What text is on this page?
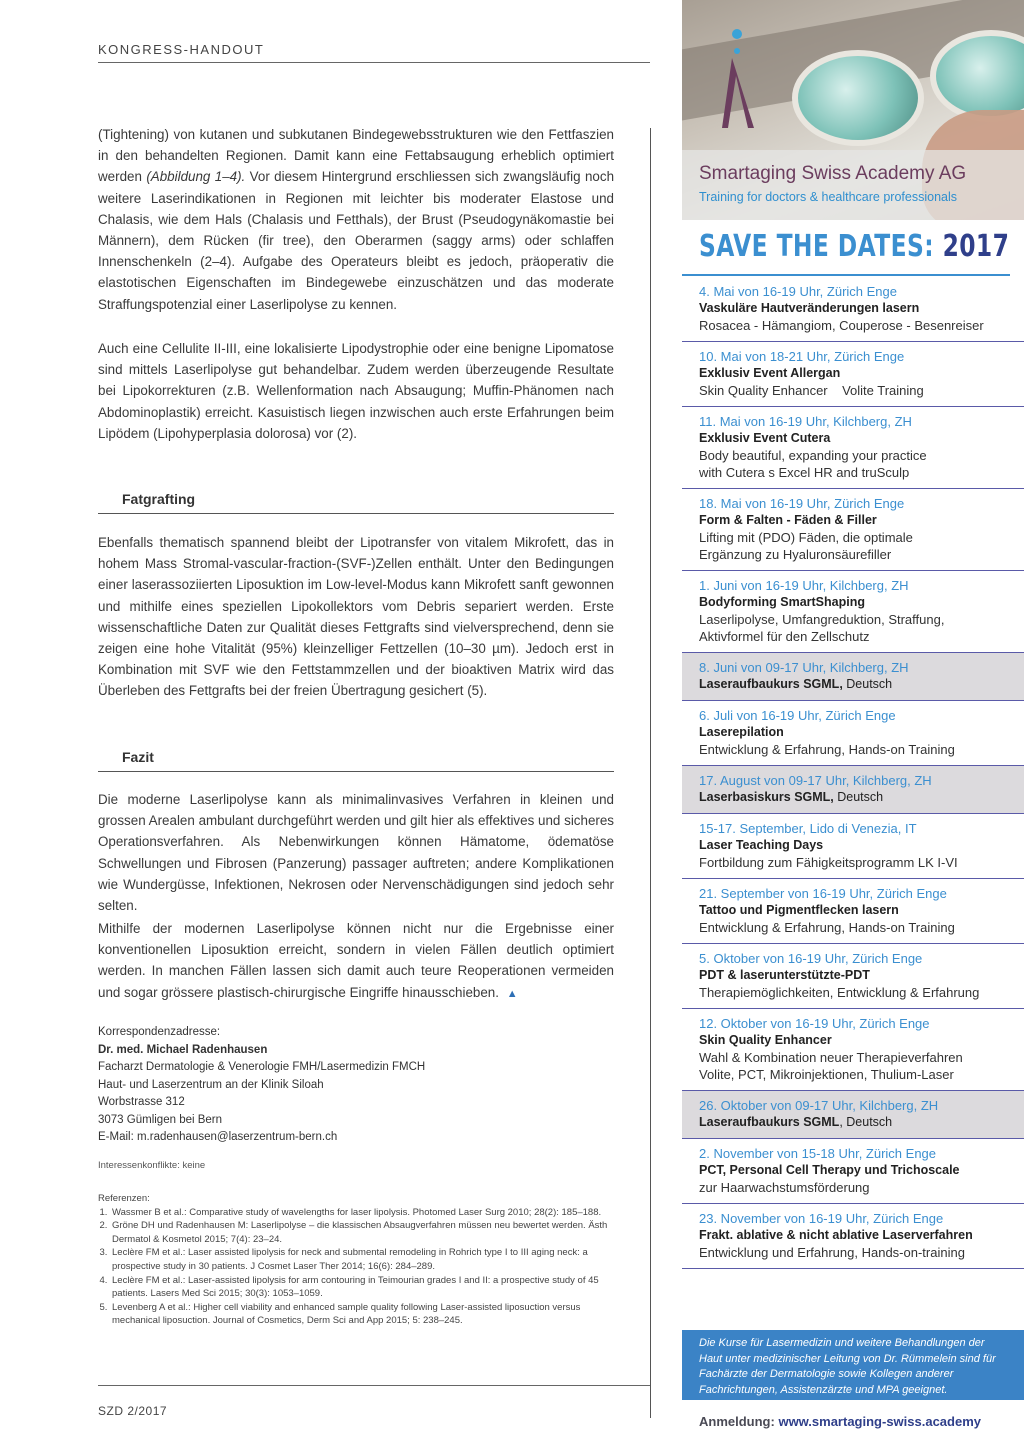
KONGRESS-HANDOUT

(Tightening) von kutanen und subkutanen Bindegewebsstrukturen wie den Fettfaszien in den behandelten Regionen. Damit kann eine Fettabsaugung erheblich optimiert werden (Abbildung 1–4). Vor diesem Hintergrund erschliessen sich zwangsläufig noch weitere Laserindikationen in Regionen mit leichter bis moderater Elastose und Chalasis, wie dem Hals (Chalasis und Fetthals), der Brust (Pseudogynäkomastie bei Männern), dem Rücken (fir tree), den Oberarmen (saggy arms) oder schlaffen Innenschenkeln (2–4). Aufgabe des Operateurs bleibt es jedoch, präoperativ die elastotischen Eigenschaften im Bindegewebe einzuschätzen und das moderate Straffungspotenzial einer Laserlipolyse zu kennen.

Auch eine Cellulite II-III, eine lokalisierte Lipodystrophie oder eine benigne Lipomatose sind mittels Laserlipolyse gut behandelbar. Zudem werden überzeugende Resultate bei Lipokorrekturen (z.B. Wellenformation nach Absaugung; Muffin-Phänomen nach Abdominoplastik) erreicht. Kasuistisch liegen inzwischen auch erste Erfahrungen beim Lipödem (Lipohyperplasia dolorosa) vor (2).

Fatgrafting

Ebenfalls thematisch spannend bleibt der Lipotransfer von vitalem Mikrofett, das in hohem Mass Stromal-vascular-fraction-(SVF-)Zellen enthält. Unter den Bedingungen einer laserassoziierten Liposuktion im Low-level-Modus kann Mikrofett sanft gewonnen und mithilfe eines speziellen Lipokollektors vom Debris separiert werden. Erste wissenschaftliche Daten zur Qualität dieses Fettgrafts sind vielversprechend, denn sie zeigen eine hohe Vitalität (95%) kleinzelliger Fettzellen (10–30 µm). Jedoch erst in Kombination mit SVF wie den Fettstammzellen und der bioaktiven Matrix wird das Überleben des Fettgrafts bei der freien Übertragung gesichert (5).

Fazit

Die moderne Laserlipolyse kann als minimalinvasives Verfahren in kleinen und grossen Arealen ambulant durchgeführt werden und gilt hier als effektives und sicheres Operationsverfahren. Als Nebenwirkungen können Hämatome, ödematöse Schwellungen und Fibrosen (Panzerung) passager auftreten; andere Komplikationen wie Wundergüsse, Infektionen, Nekrosen oder Nervenschädigungen sind jedoch sehr selten.

Mithilfe der modernen Laserlipolyse können nicht nur die Ergebnisse einer konventionellen Liposuktion erreicht, sondern in vielen Fällen deutlich optimiert werden. In manchen Fällen lassen sich damit auch teure Reoperationen vermeiden und sogar grössere plastisch-chirurgische Eingriffe hinausschieben. ▲

Korrespondenzadresse:
Dr. med. Michael Radenhausen
Facharzt Dermatologie & Venerologie FMH/Lasermedizin FMCH
Haut- und Laserzentrum an der Klinik Siloah
Worbstrasse 312
3073 Gümligen bei Bern
E-Mail: m.radenhausen@laserzentrum-bern.ch
Interessenkonflikte: keine
Referenzen:
1. Wassmer B et al.: Comparative study of wavelengths for laser lipolysis. Photomed Laser Surg 2010; 28(2): 185–188.
2. Gröne DH und Radenhausen M: Laserlipolyse – die klassischen Absaugverfahren müssen neu bewertet werden. Ästh Dermatol & Kosmetol 2015; 7(4): 23–24.
3. Leclère FM et al.: Laser assisted lipolysis for neck and submental remodeling in Rohrich type I to III aging neck: a prospective study in 30 patients. J Cosmet Laser Ther 2014; 16(6): 284–289.
4. Leclère FM et al.: Laser-assisted lipolysis for arm contouring in Teimourian grades I and II: a prospective study of 45 patients. Lasers Med Sci 2015; 30(3): 1053–1059.
5. Levenberg A et al.: Higher cell viability and enhanced sample quality following Laser-assisted liposuction versus mechanical liposuction. Journal of Cosmetics, Derm Sci and App 2015; 5: 238–245.
SZD 2/2017
Smartaging Swiss Academy AG
Training for doctors & healthcare professionals
SAVE THE DATES: 2017
4. Mai von 16-19 Uhr, Zürich Enge
Vaskuläre Hautveränderungen lasern
Rosacea - Hämangiom, Couperose - Besenreiser
10. Mai von 18-21 Uhr, Zürich Enge
Exklusiv Event Allergan
Skin Quality Enhancer    Volite Training
11. Mai von 16-19 Uhr, Kilchberg, ZH
Exklusiv Event Cutera
Body beautiful, expanding your practice
with Cutera s Excel HR and truSculp
18. Mai von 16-19 Uhr, Zürich Enge
Form & Falten - Fäden & Filler
Lifting mit (PDO) Fäden, die optimale
Ergänzung zu Hyaluronsäurefiller
1. Juni von 16-19 Uhr, Kilchberg, ZH
Bodyforming SmartShaping
Laserlipolyse, Umfangreduktion, Straffung,
Aktivformel für den Zellschutz
8. Juni von 09-17 Uhr, Kilchberg, ZH
Laseraufbaukurs SGML, Deutsch
6. Juli von 16-19 Uhr, Zürich Enge
Laserepilation
Entwicklung & Erfahrung, Hands-on Training
17. August von 09-17 Uhr, Kilchberg, ZH
Laserbasiskurs SGML, Deutsch
15-17. September, Lido di Venezia, IT
Laser Teaching Days
Fortbildung zum Fähigkeitsprogramm LK I-VI
21. September von 16-19 Uhr, Zürich Enge
Tattoo und Pigmentflecken lasern
Entwicklung & Erfahrung, Hands-on Training
5. Oktober von 16-19 Uhr, Zürich Enge
PDT & laserunterstützte-PDT
Therapiemöglichkeiten, Entwicklung & Erfahrung
12. Oktober von 16-19 Uhr, Zürich Enge
Skin Quality Enhancer
Wahl & Kombination neuer Therapieverfahren
Volite, PCT, Mikroinjektionen, Thulium-Laser
26. Oktober von 09-17 Uhr, Kilchberg, ZH
Laseraufbaukurs SGML, Deutsch
2. November von 15-18 Uhr, Zürich Enge
PCT, Personal Cell Therapy und Trichoscale
zur Haarwachstumsförderung
23. November von 16-19 Uhr, Zürich Enge
Frakt. ablative & nicht ablative Laserverfahren
Entwicklung und Erfahrung, Hands-on-training
Die Kurse für Lasermedizin und weitere Behandlungen der Haut unter medizinischer Leitung von Dr. Rümmelein sind für Fachärzte der Dermatologie sowie Kollegen anderer Fachrichtungen, Assistenzärzte und MPA geeignet.
Anmeldung: www.smartaging-swiss.academy
